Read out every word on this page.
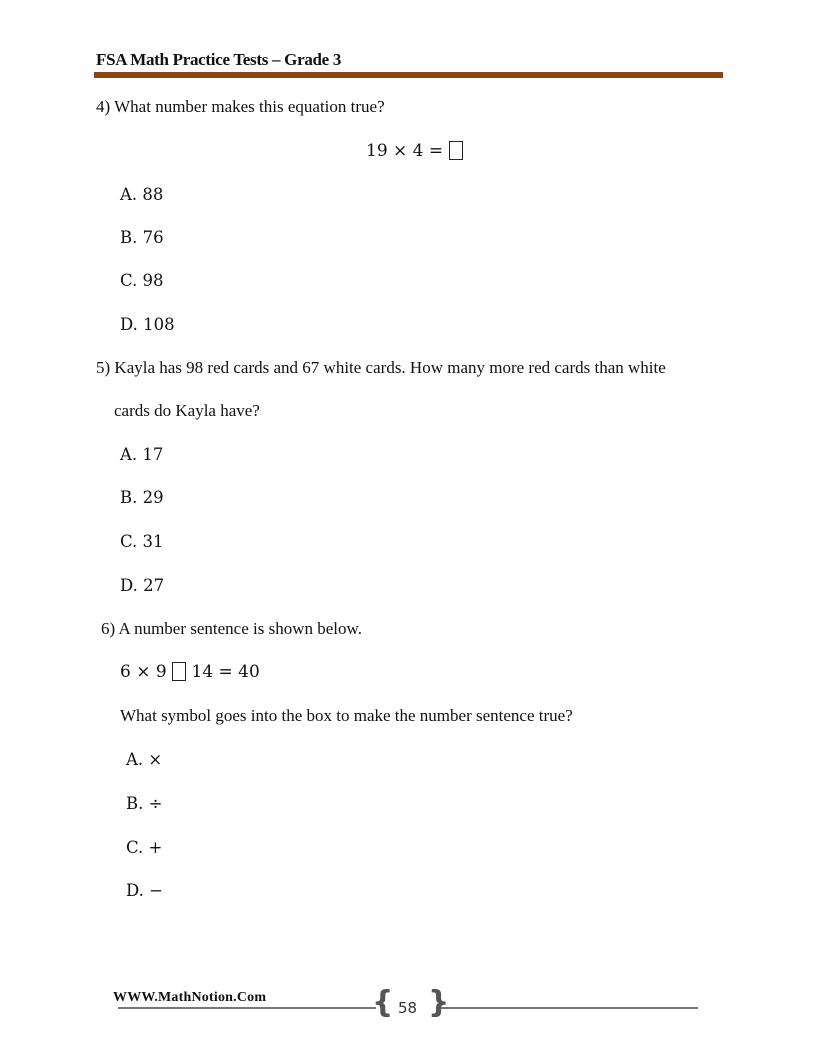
FSA Math Practice Tests – Grade 3
4) What number makes this equation true?
19 × 4 =
A. 88
B. 76
C. 98
D. 108
5) Kayla has 98 red cards and 67 white cards. How many more red cards than white
cards do Kayla have?
A. 17
B. 29
C. 31
D. 27
6) A number sentence is shown below.
6 × 9 14 = 40
What symbol goes into the box to make the number sentence true?
A. ×
B. ÷
C. +
D. −
WWW.MathNotion.Com	{ }
58
